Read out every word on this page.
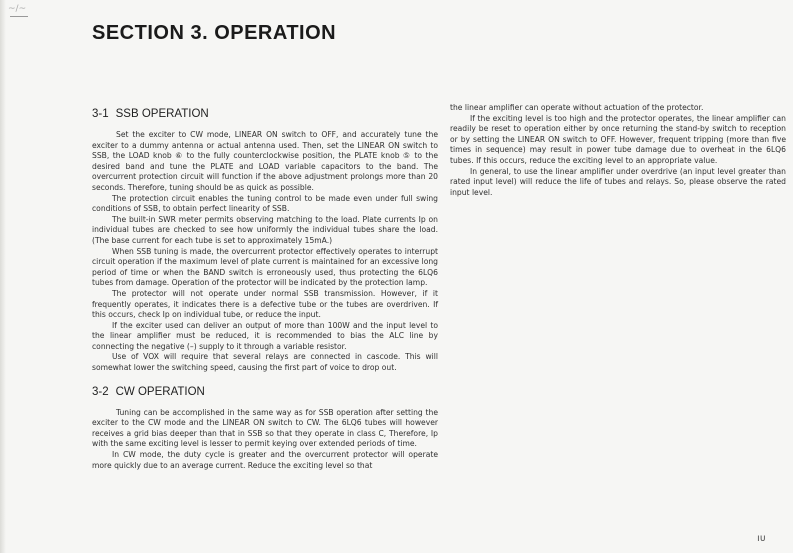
~/~
SECTION 3. OPERATION
3-1 SSB OPERATION

Set the exciter to CW mode, LINEAR ON switch to OFF, and accurately tune the exciter to a dummy antenna or actual antenna used. Then, set the LINEAR ON switch to SSB, the LOAD knob ⑥ to the fully counterclockwise position, the PLATE knob ⑤ to the desired band and tune the PLATE and LOAD variable capacitors to the band. The overcurrent protection circuit will function if the above adjustment prolongs more than 20 seconds. Therefore, tuning should be as quick as possible.

The protection circuit enables the tuning control to be made even under full swing conditions of SSB, to obtain perfect linearity of SSB.

The built-in SWR meter permits observing matching to the load. Plate currents Ip on individual tubes are checked to see how uniformly the individual tubes share the load. (The base current for each tube is set to approximately 15mA.)

When SSB tuning is made, the overcurrent protector effectively operates to interrupt circuit operation if the maximum level of plate current is maintained for an excessive long period of time or when the BAND switch is erroneously used, thus protecting the 6LQ6 tubes from damage. Operation of the protector will be indicated by the protection lamp.

The protector will not operate under normal SSB transmission. However, if it frequently operates, it indicates there is a defective tube or the tubes are overdriven. If this occurs, check Ip on individual tube, or reduce the input.

If the exciter used can deliver an output of more than 100W and the input level to the linear amplifier must be reduced, it is recommended to bias the ALC line by connecting the negative (–) supply to it through a variable resistor.

Use of VOX will require that several relays are connected in cascode. This will somewhat lower the switching speed, causing the first part of voice to drop out.

3-2 CW OPERATION

Tuning can be accomplished in the same way as for SSB operation after setting the exciter to the CW mode and the LINEAR ON switch to CW. The 6LQ6 tubes will however receives a grid bias deeper than that in SSB so that they operate in class C, Therefore, Ip with the same exciting level is lesser to permit keying over extended periods of time.

In CW mode, the duty cycle is greater and the overcurrent protector will operate more quickly due to an average current. Reduce the exciting level so that

the linear amplifier can operate without actuation of the protector.

If the exciting level is too high and the protector operates, the linear amplifier can readily be reset to operation either by once returning the stand-by switch to reception or by setting the LINEAR ON switch to OFF. However, frequent tripping (more than five times in sequence) may result in power tube damage due to overheat in the 6LQ6 tubes. If this occurs, reduce the exciting level to an appropriate value.

In general, to use the linear amplifier under overdrive (an input level greater than rated input level) will reduce the life of tubes and relays. So, please observe the rated input level.

ıᴜ
